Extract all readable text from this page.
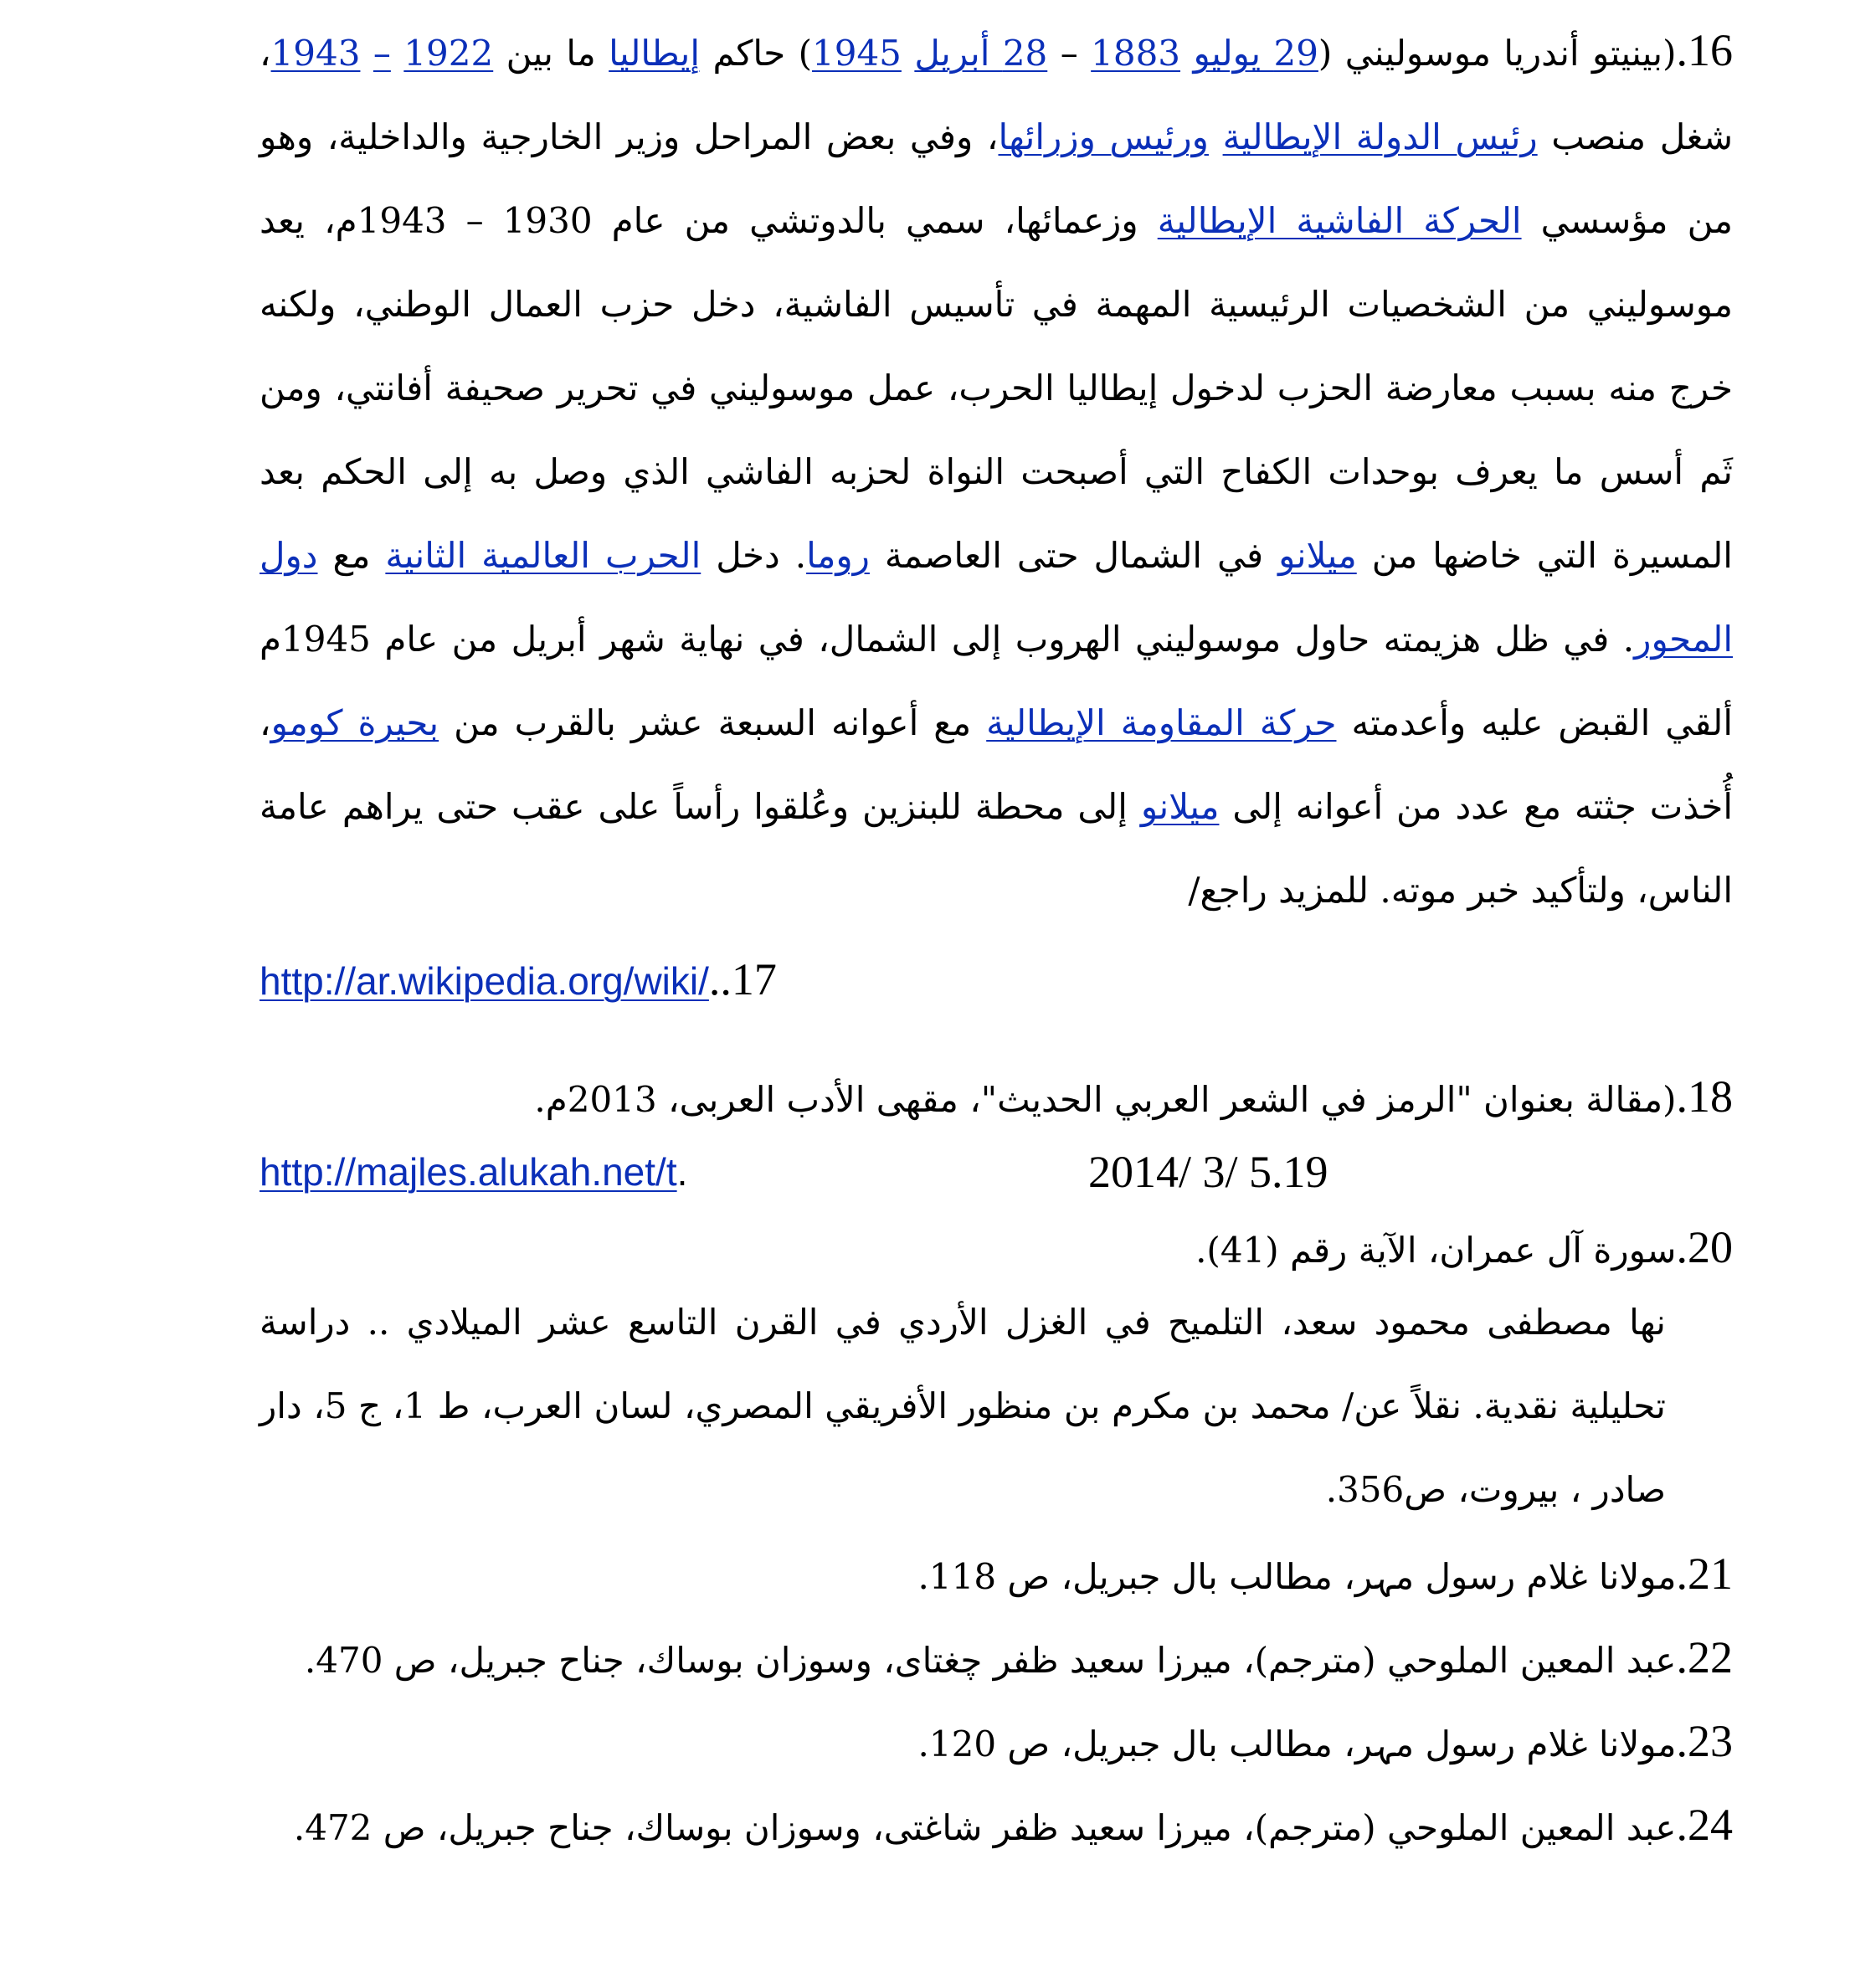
16.(بينيتو أندريا موسوليني (29 يوليو 1883 – 28 أبريل 1945) حاكم إيطاليا ما بين 1922 – 1943، شغل منصب رئيس الدولة الإيطالية ورئيس وزرائها، وفي بعض المراحل وزير الخارجية والداخلية، وهو من مؤسسي الحركة الفاشية الإيطالية وزعمائها، سمي بالدوتشي من عام 1930 – 1943م، يعد موسوليني من الشخصيات الرئيسية المهمة في تأسيس الفاشية، دخل حزب العمال الوطني، ولكنه خرج منه بسبب معارضة الحزب لدخول إيطاليا الحرب، عمل موسوليني في تحرير صحيفة أفانتي، ومن ثَم أسس ما يعرف بوحدات الكفاح التي أصبحت النواة لحزبه الفاشي الذي وصل به إلى الحكم بعد المسيرة التي خاضها من ميلانو في الشمال حتى العاصمة روما. دخل الحرب العالمية الثانية مع دول المحور. في ظل هزيمته حاول موسوليني الهروب إلى الشمال، في نهاية شهر أبريل من عام 1945م ألقي القبض عليه وأعدمته حركة المقاومة الإيطالية مع أعوانه السبعة عشر بالقرب من بحيرة كومو، أُخذت جثته مع عدد من أعوانه إلى ميلانو إلى محطة للبنزين وعُلقوا رأساً على عقب حتى يراهم عامة الناس، ولتأكيد خبر موته. للمزيد راجع/
http://ar.wikipedia.org/wiki/..17
18.(مقالة بعنوان "الرمز في الشعر العربي الحديث"، مقهى الأدب العربى، 2013م.
http://majles.alukah.net/t.	2014/ 3/ 5.19
20.سورة آل عمران، الآية رقم (41).
نها مصطفى محمود سعد، التلميح في الغزل الأردي في القرن التاسع عشر الميلادي .. دراسة تحليلية نقدية. نقلاً عن/ محمد بن مكرم بن منظور الأفريقي المصري، لسان العرب، ط 1، ج 5، دار صادر ، بيروت، ص356.
21.مولانا غلام رسول مہر، مطالب بال جبريل، ص 118.
22.عبد المعين الملوحي (مترجم)، ميرزا سعيد ظفر چغتاى، وسوزان بوساك، جناح جبريل، ص 470.
23.مولانا غلام رسول مہر، مطالب بال جبريل، ص 120.
24.عبد المعين الملوحي (مترجم)، ميرزا سعيد ظفر شاغتى، وسوزان بوساك، جناح جبريل، ص 472.
